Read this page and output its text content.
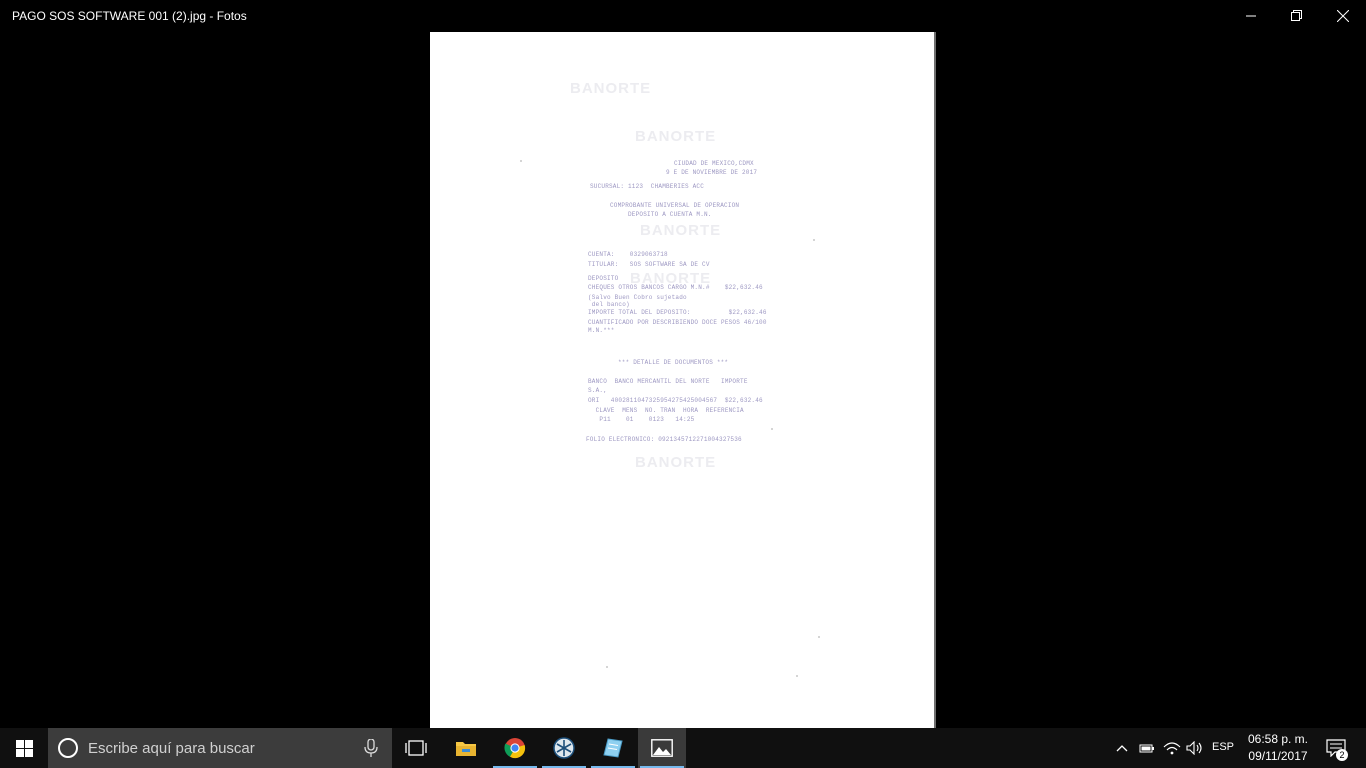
PAGO SOS SOFTWARE 001 (2).jpg - Fotos
BANORTE
BANORTE
BANORTE
BANORTE
BANORTE
CIUDAD DE MEXICO,CDMX
9 E DE NOVIEMBRE DE 2017
SUCURSAL: 1123  CHAMBERIES ACC
COMPROBANTE UNIVERSAL DE OPERACION
DEPOSITO A CUENTA M.N.
CUENTA:    0329063718
TITULAR:   SOS SOFTWARE SA DE CV
DEPOSITO
CHEQUES OTROS BANCOS CARGO M.N.#    $22,632.46
(Salvo Buen Cobro sujetado
del banco)
IMPORTE TOTAL DEL DEPOSITO:          $22,632.46
CUANTIFICADO POR DESCRIBIENDO DOCE PESOS 46/100
M.N.***
*** DETALLE DE DOCUMENTOS ***
BANCO  BANCO MERCANTIL DEL NORTE   IMPORTE
S.A.,
ORI   4002811047325954275425004567  $22,632.46
CLAVE  MENS  NO. TRAN  HORA  REFERENCIA
P11    01    0123   14:25
FOLIO ELECTRONICO: 0921345712271004327536
Escribe aquí para buscar	ESP
06:58 p. m.
09/11/2017	2
